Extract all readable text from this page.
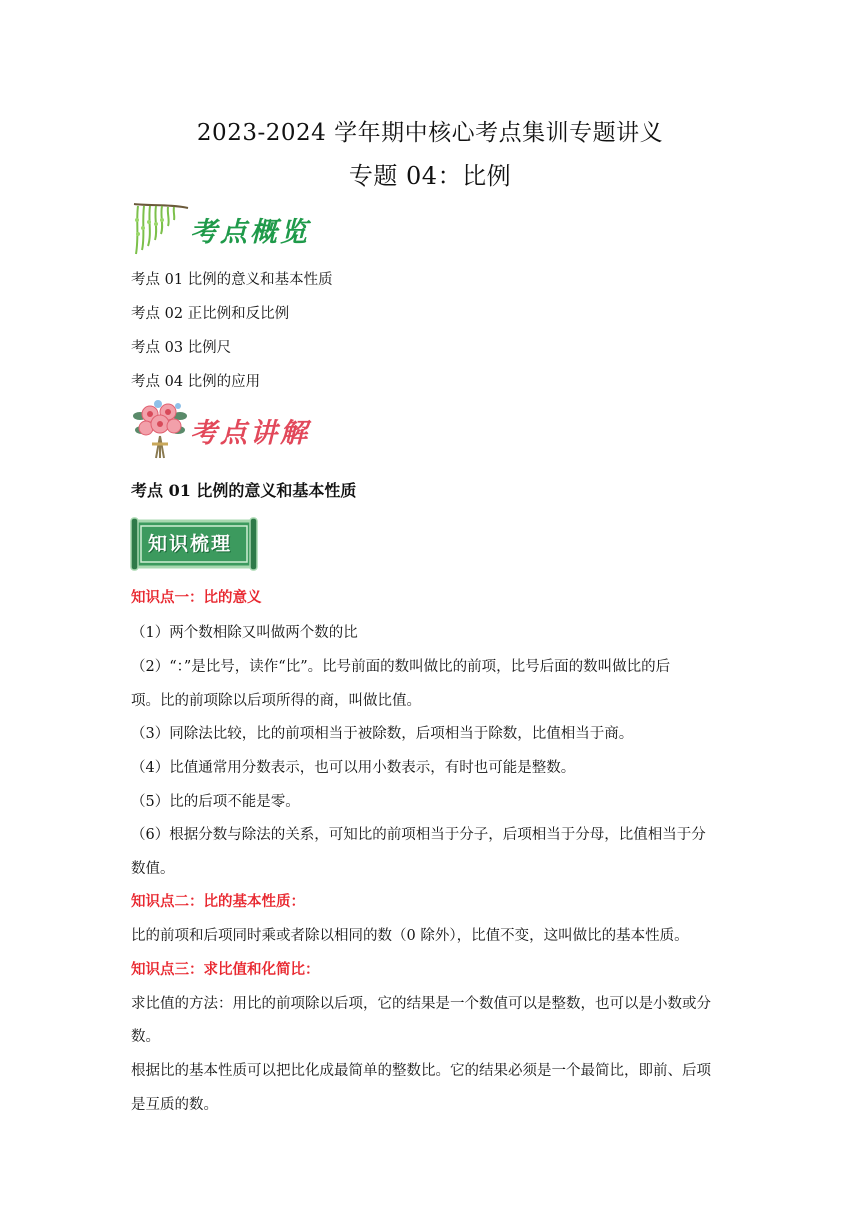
2023-2024 学年期中核心考点集训专题讲义
专题 04：比例
考点概览
考点 01 比例的意义和基本性质
考点 02 正比例和反比例
考点 03 比例尺
考点 04 比例的应用
考点讲解
考点 01 比例的意义和基本性质
知识梳理
知识点一：比的意义
（1）两个数相除又叫做两个数的比
（2）“：”是比号，读作“比”。比号前面的数叫做比的前项，比号后面的数叫做比的后
项。比的前项除以后项所得的商，叫做比值。
（3）同除法比较，比的前项相当于被除数，后项相当于除数，比值相当于商。
（4）比值通常用分数表示，也可以用小数表示，有时也可能是整数。
（5）比的后项不能是零。
（6）根据分数与除法的关系，可知比的前项相当于分子，后项相当于分母，比值相当于分
数值。
知识点二：比的基本性质：
比的前项和后项同时乘或者除以相同的数（0 除外），比值不变，这叫做比的基本性质。
知识点三：求比值和化简比：
求比值的方法：用比的前项除以后项，它的结果是一个数值可以是整数，也可以是小数或分
数。
根据比的基本性质可以把比化成最简单的整数比。它的结果必须是一个最简比，即前、后项
是互质的数。
